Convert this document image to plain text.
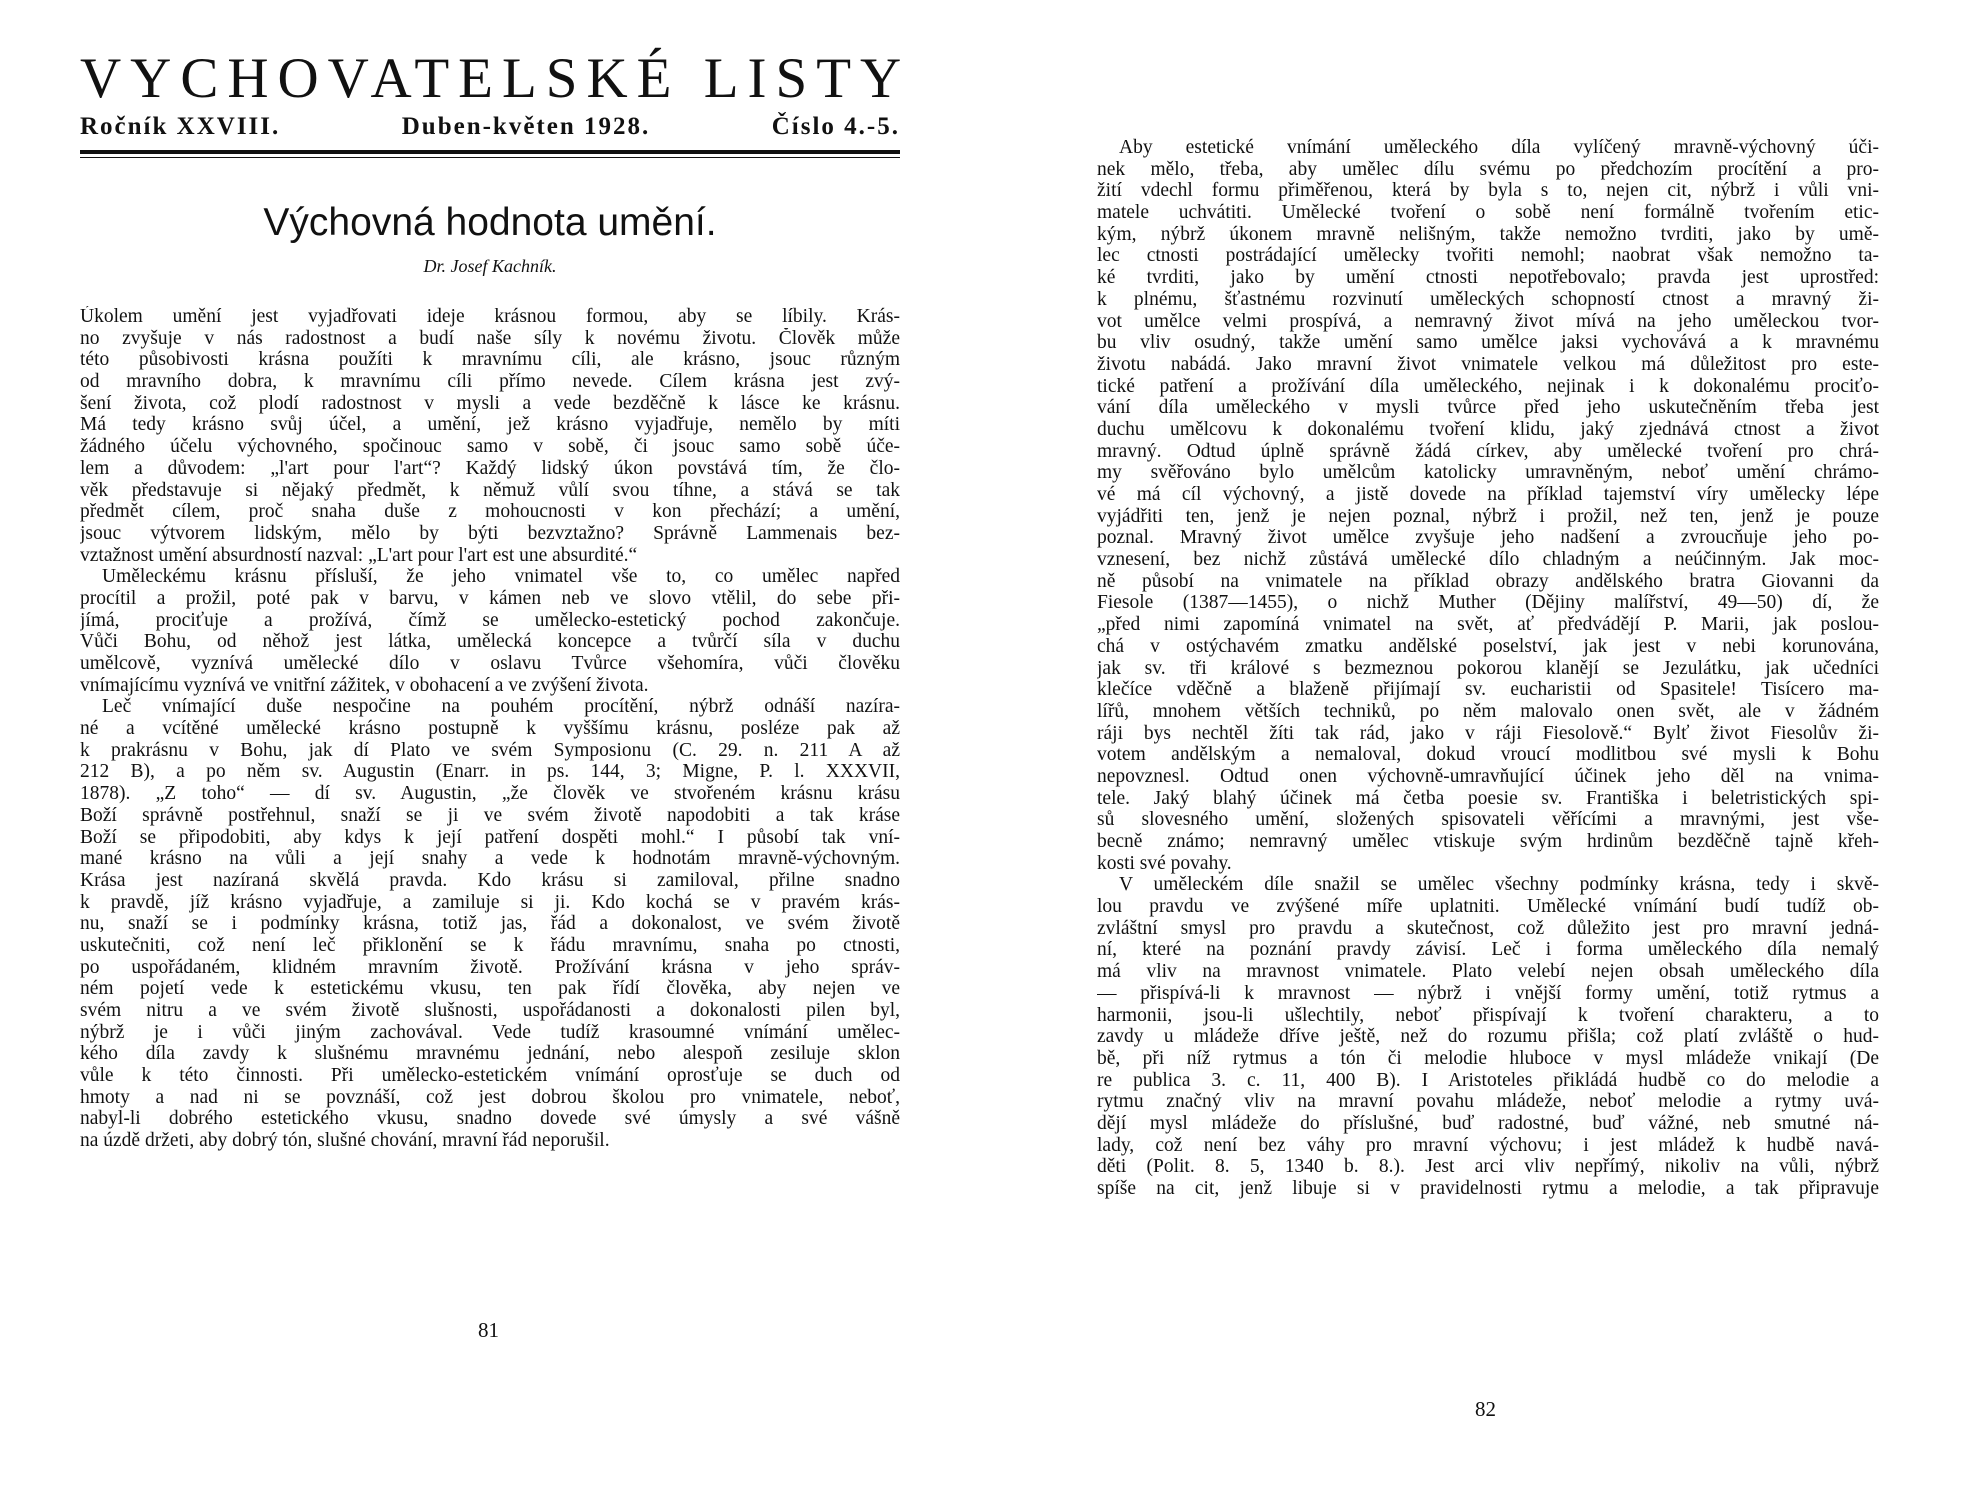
VYCHOVATELSKÉ LISTY
Ročník XXVIII.	Duben-květen 1928.	Číslo 4.-5.
Výchovná hodnota umění.
Dr. Josef Kachník.
Úkolem umění jest vyjadřovati ideje krásnou formou, aby se líbily. Krás-
no zvyšuje v nás radostnost a budí naše síly k novému životu. Člověk může
této působivosti krásna použíti k mravnímu cíli, ale krásno, jsouc různým
od mravního dobra, k mravnímu cíli přímo nevede. Cílem krásna jest zvý-
šení života, což plodí radostnost v mysli a vede bezděčně k lásce ke krásnu.
Má tedy krásno svůj účel, a umění, jež krásno vyjadřuje, nemělo by míti
žádného účelu výchovného, spočinouc samo v sobě, či jsouc samo sobě úče-
lem a důvodem: „l'art pour l'art“? Každý lidský úkon povstává tím, že člo-
věk představuje si nějaký předmět, k němuž vůlí svou tíhne, a stává se tak
předmět cílem, proč snaha duše z mohoucnosti v kon přechází; a umění,
jsouc výtvorem lidským, mělo by býti bezvztažno? Správně Lammenais bez-
vztažnost umění absurdností nazval: „L'art pour l'art est une absurdité.“
Uměleckému krásnu přísluší, že jeho vnimatel vše to, co umělec napřed
procítil a prožil, poté pak v barvu, v kámen neb ve slovo vtělil, do sebe při-
jímá, prociťuje a prožívá, čímž se umělecko-estetický pochod zakončuje.
Vůči Bohu, od něhož jest látka, umělecká koncepce a tvůrčí síla v duchu
umělcově, vyznívá umělecké dílo v oslavu Tvůrce všehomíra, vůči člověku
vnímajícímu vyznívá ve vnitřní zážitek, v obohacení a ve zvýšení života.
Leč vnímající duše nespočine na pouhém procítění, nýbrž odnáší nazíra-
né a vcítěné umělecké krásno postupně k vyššímu krásnu, posléze pak až
k prakrásnu v Bohu, jak dí Plato ve svém Symposionu (C. 29. n. 211 A až
212 B), a po něm sv. Augustin (Enarr. in ps. 144, 3; Migne, P. l. XXXVII,
1878). „Z toho“ — dí sv. Augustin, „že člověk ve stvořeném krásnu krásu
Boží správně postřehnul, snaží se ji ve svém životě napodobiti a tak kráse
Boží se připodobiti, aby kdys k její patření dospěti mohl.“ I působí tak vní-
mané krásno na vůli a její snahy a vede k hodnotám mravně-výchovným.
Krása jest nazíraná skvělá pravda. Kdo krásu si zamiloval, přilne snadno
k pravdě, jíž krásno vyjadřuje, a zamiluje si ji. Kdo kochá se v pravém krás-
nu, snaží se i podmínky krásna, totiž jas, řád a dokonalost, ve svém životě
uskutečniti, což není leč přiklonění se k řádu mravnímu, snaha po ctnosti,
po uspořádaném, klidném mravním životě. Prožívání krásna v jeho správ-
ném pojetí vede k estetickému vkusu, ten pak řídí člověka, aby nejen ve
svém nitru a ve svém životě slušnosti, uspořádanosti a dokonalosti pilen byl,
nýbrž je i vůči jiným zachovával. Vede tudíž krasoumné vnímání umělec-
kého díla zavdy k slušnému mravnému jednání, nebo alespoň zesiluje sklon
vůle k této činnosti. Při umělecko-estetickém vnímání oprosťuje se duch od
hmoty a nad ni se povznáší, což jest dobrou školou pro vnimatele, neboť,
nabyl-li dobrého estetického vkusu, snadno dovede své úmysly a své vášně
na úzdě držeti, aby dobrý tón, slušné chování, mravní řád neporušil.
81
Aby estetické vnímání uměleckého díla vylíčený mravně-výchovný úči-
nek mělo, třeba, aby umělec dílu svému po předchozím procítění a pro-
žití vdechl formu přiměřenou, která by byla s to, nejen cit, nýbrž i vůli vni-
matele uchvátiti. Umělecké tvoření o sobě není formálně tvořením etic-
kým, nýbrž úkonem mravně nelišným, takže nemožno tvrditi, jako by umě-
lec ctnosti postrádající umělecky tvořiti nemohl; naobrat však nemožno ta-
ké tvrditi, jako by umění ctnosti nepotřebovalo; pravda jest uprostřed:
k plnému, šťastnému rozvinutí uměleckých schopností ctnost a mravný ži-
vot umělce velmi prospívá, a nemravný život mívá na jeho uměleckou tvor-
bu vliv osudný, takže umění samo umělce jaksi vychovává a k mravnému
životu nabádá. Jako mravní život vnimatele velkou má důležitost pro este-
tické patření a prožívání díla uměleckého, nejinak i k dokonalému prociťo-
vání díla uměleckého v mysli tvůrce před jeho uskutečněním třeba jest
duchu umělcovu k dokonalému tvoření klidu, jaký zjednává ctnost a život
mravný. Odtud úplně správně žádá církev, aby umělecké tvoření pro chrá-
my svěřováno bylo umělcům katolicky umravněným, neboť umění chrámo-
vé má cíl výchovný, a jistě dovede na příklad tajemství víry umělecky lépe
vyjádřiti ten, jenž je nejen poznal, nýbrž i prožil, než ten, jenž je pouze
poznal. Mravný život umělce zvyšuje jeho nadšení a zvroucňuje jeho po-
vznesení, bez nichž zůstává umělecké dílo chladným a neúčinným. Jak moc-
ně působí na vnimatele na příklad obrazy andělského bratra Giovanni da
Fiesole (1387—1455), o nichž Muther (Dějiny malířství, 49—50) dí, že
„před nimi zapomíná vnimatel na svět, ať předvádějí P. Marii, jak poslou-
chá v ostýchavém zmatku andělské poselství, jak jest v nebi korunována,
jak sv. tři králové s bezmeznou pokorou klanějí se Jezulátku, jak učedníci
klečíce vděčně a blaženě přijímají sv. eucharistii od Spasitele! Tisícero ma-
lířů, mnohem větších techniků, po něm malovalo onen svět, ale v žádném
ráji bys nechtěl žíti tak rád, jako v ráji Fiesolově.“ Bylť život Fiesolův ži-
votem andělským a nemaloval, dokud vroucí modlitbou své mysli k Bohu
nepovznesl. Odtud onen výchovně-umravňující účinek jeho děl na vnima-
tele. Jaký blahý účinek má četba poesie sv. Františka i beletristických spi-
sů slovesného umění, složených spisovateli věřícími a mravnými, jest vše-
becně známo; nemravný umělec vtiskuje svým hrdinům bezděčně tajně křeh-
kosti své povahy.
V uměleckém díle snažil se umělec všechny podmínky krásna, tedy i skvě-
lou pravdu ve zvýšené míře uplatniti. Umělecké vnímání budí tudíž ob-
zvláštní smysl pro pravdu a skutečnost, což důležito jest pro mravní jedná-
ní, které na poznání pravdy závisí. Leč i forma uměleckého díla nemalý
má vliv na mravnost vnimatele. Plato velebí nejen obsah uměleckého díla
— přispívá-li k mravnost — nýbrž i vnější formy umění, totiž rytmus a
harmonii, jsou-li ušlechtily, neboť přispívají k tvoření charakteru, a to
zavdy u mládeže dříve ještě, než do rozumu přišla; což platí zvláště o hud-
bě, při níž rytmus a tón či melodie hluboce v mysl mládeže vnikají (De
re publica 3. c. 11, 400 B). I Aristoteles přikládá hudbě co do melodie a
rytmu značný vliv na mravní povahu mládeže, neboť melodie a rytmy uvá-
dějí mysl mládeže do příslušné, buď radostné, buď vážné, neb smutné ná-
lady, což není bez váhy pro mravní výchovu; i jest mládež k hudbě navá-
děti (Polit. 8. 5, 1340 b. 8.). Jest arci vliv nepřímý, nikoliv na vůli, nýbrž
spíše na cit, jenž libuje si v pravidelnosti rytmu a melodie, a tak připravuje
82
